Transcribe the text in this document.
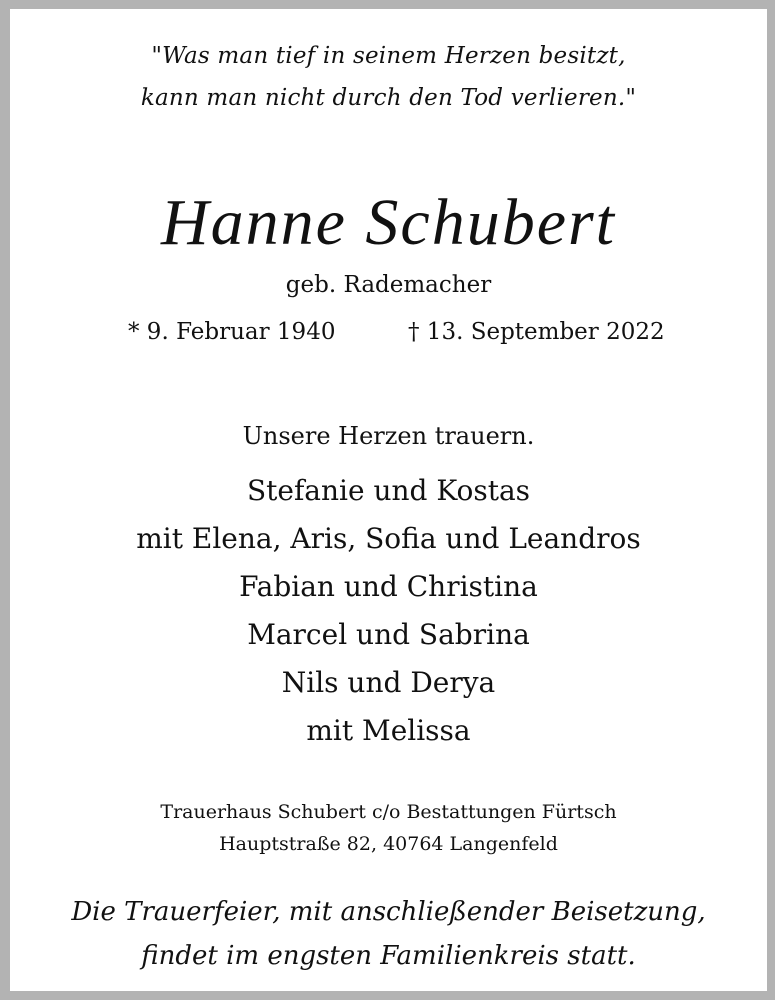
"Was man tief in seinem Herzen besitzt,
kann man nicht durch den Tod verlieren."
Hanne Schubert
geb. Rademacher
* 9. Februar 1940	† 13. September 2022
Unsere Herzen trauern.
Stefanie und Kostas
mit Elena, Aris, Sofia und Leandros
Fabian und Christina
Marcel und Sabrina
Nils und Derya
mit Melissa
Trauerhaus Schubert c/o Bestattungen Fürtsch
Hauptstraße 82, 40764 Langenfeld
Die Trauerfeier, mit anschließender Beisetzung,
findet im engsten Familienkreis statt.
